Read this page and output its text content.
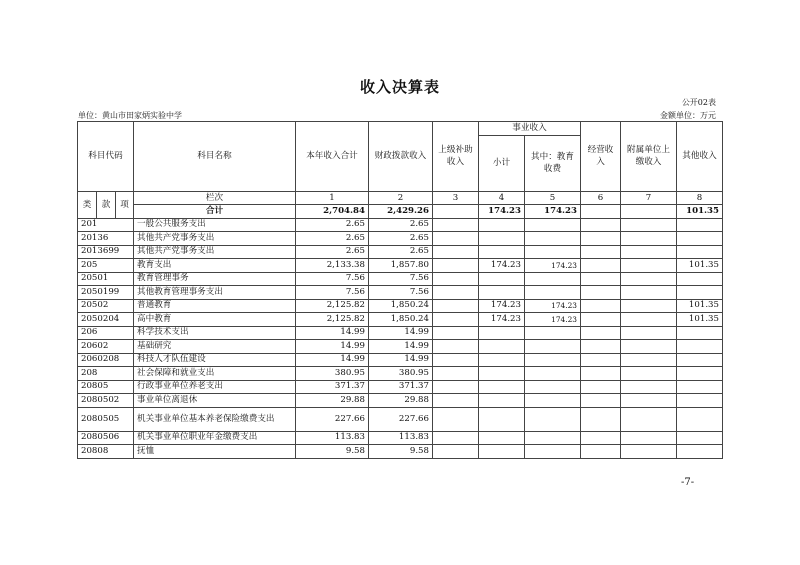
收入决算表
公开02表
单位：黄山市田家炳实验中学	金额单位：万元
科目代码			科目名称	本年收入合计	财政拨款收入	上级补助收入	事业收入		经营收入	附属单位上缴收入	其他收入
							小计	其中：教育收费			
类	款	项	栏次	1	2	3	4	5	6	7	8
			合计	2,704.84	2,429.26		174.23	174.23			101.35
201			一般公共服务支出	2.65	2.65						
20136			其他共产党事务支出	2.65	2.65						
2013699			其他共产党事务支出	2.65	2.65						
205			教育支出	2,133.38	1,857.80		174.23	174.23			101.35
20501			教育管理事务	7.56	7.56						
2050199			其他教育管理事务支出	7.56	7.56						
20502			普通教育	2,125.82	1,850.24		174.23	174.23			101.35
2050204			高中教育	2,125.82	1,850.24		174.23	174.23			101.35
206			科学技术支出	14.99	14.99						
20602			基础研究	14.99	14.99						
2060208			科技人才队伍建设	14.99	14.99						
208			社会保障和就业支出	380.95	380.95						
20805			行政事业单位养老支出	371.37	371.37						
2080502			事业单位离退休	29.88	29.88						
2080505			机关事业单位基本养老保险缴费支出	227.66	227.66						
2080506			机关事业单位职业年金缴费支出	113.83	113.83						
20808			抚恤	9.58	9.58						
-7-
